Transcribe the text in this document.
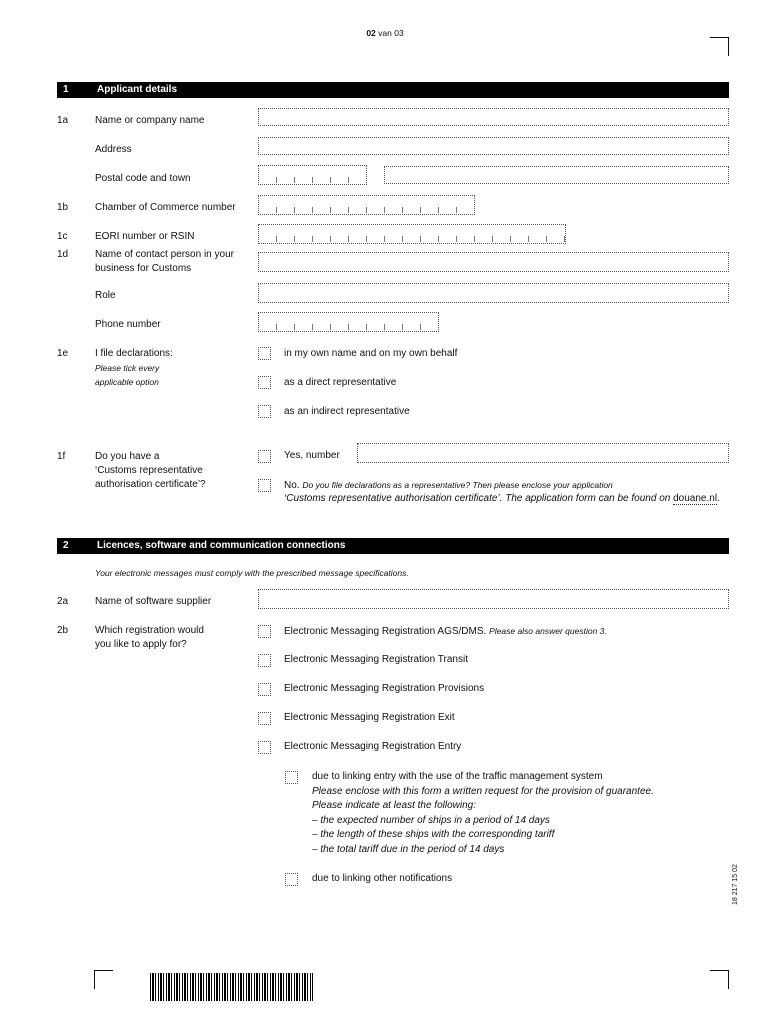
02 van 03
1	Applicant details
1a	Name or company name
Address
Postal code and town
1b	Chamber of Commerce number
1c	EORI number or RSIN
1d	Name of contact person in your
business for Customs
Role
Phone number
1e	I file declarations:
Please tick every
applicable option
in my own name and on my own behalf
as a direct representative
as an indirect representative
1f	Do you have a
‘Customs representative
authorisation certificate’?
Yes, number
No. Do you file declarations as a representative? Then please enclose your application
‘Customs representative authorisation certificate’. The application form can be found on douane.nl.
2	Licences, software and communication connections
Your electronic messages must comply with the prescribed message specifications.
2a	Name of software supplier
2b	Which registration would
you like to apply for?
Electronic Messaging Registration AGS/DMS. Please also answer question 3.
Electronic Messaging Registration Transit
Electronic Messaging Registration Provisions
Electronic Messaging Registration Exit
Electronic Messaging Registration Entry
due to linking entry with the use of the traffic management system
Please enclose with this form a written request for the provision of guarantee.
Please indicate at least the following:
– the expected number of ships in a period of 14 days
– the length of these ships with the corresponding tariff
– the total tariff due in the period of 14 days
due to linking other notifications	18 217 15 02
